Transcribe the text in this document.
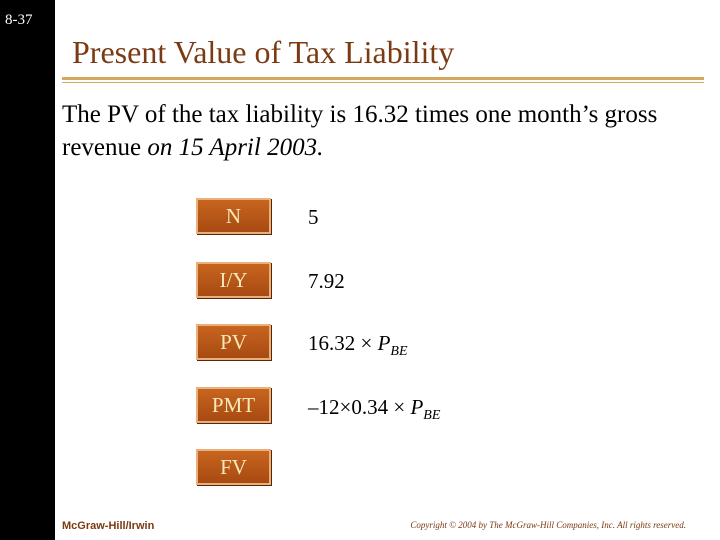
8-37
Present Value of Tax Liability
The PV of the tax liability is 16.32 times one month’s gross revenue on 15 April 2003.
N	5
I/Y	7.92
PV	$16.32 \times P_{BE}$
PMT	$-12\times 0.34 \times P_{BE}$
FV
McGraw-Hill/Irwin	Copyright © 2004 by The McGraw-Hill Companies, Inc. All rights reserved.
